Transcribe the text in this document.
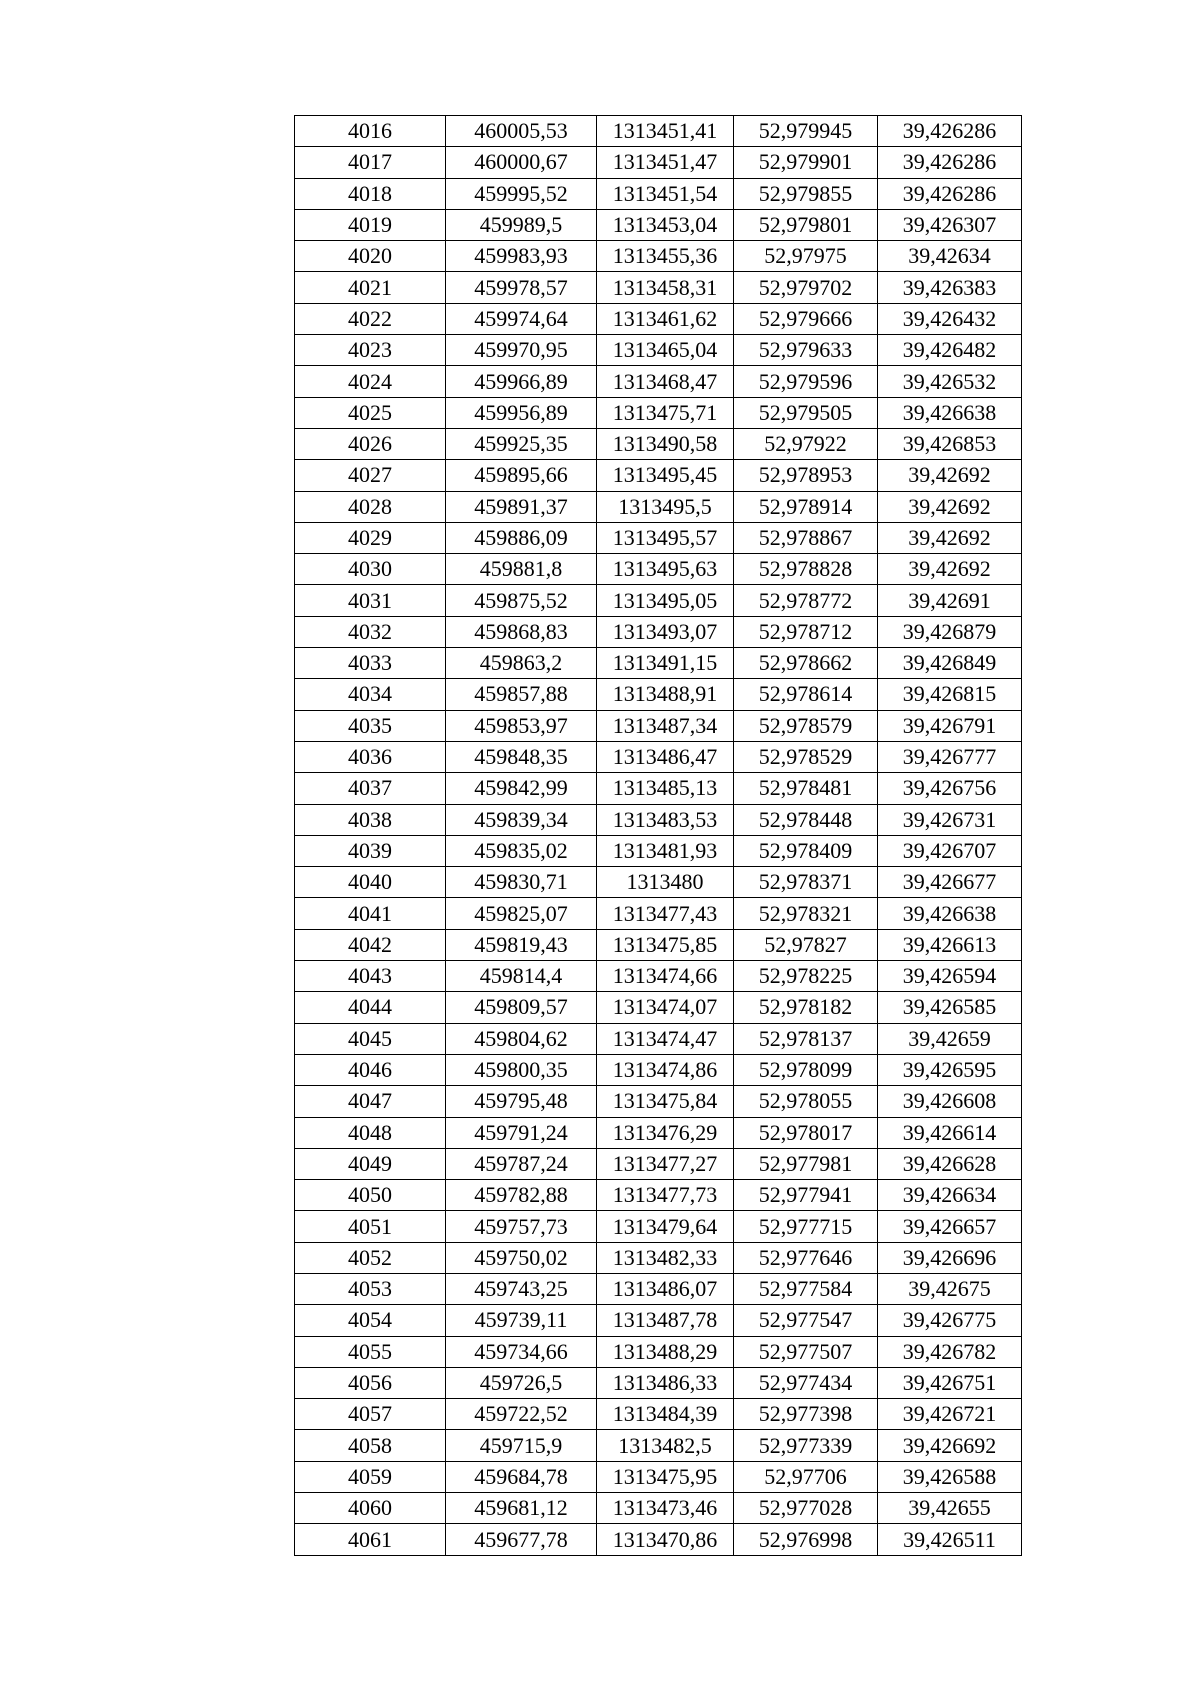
4016	460005,53	1313451,41	52,979945	39,426286
4017	460000,67	1313451,47	52,979901	39,426286
4018	459995,52	1313451,54	52,979855	39,426286
4019	459989,5	1313453,04	52,979801	39,426307
4020	459983,93	1313455,36	52,97975	39,42634
4021	459978,57	1313458,31	52,979702	39,426383
4022	459974,64	1313461,62	52,979666	39,426432
4023	459970,95	1313465,04	52,979633	39,426482
4024	459966,89	1313468,47	52,979596	39,426532
4025	459956,89	1313475,71	52,979505	39,426638
4026	459925,35	1313490,58	52,97922	39,426853
4027	459895,66	1313495,45	52,978953	39,42692
4028	459891,37	1313495,5	52,978914	39,42692
4029	459886,09	1313495,57	52,978867	39,42692
4030	459881,8	1313495,63	52,978828	39,42692
4031	459875,52	1313495,05	52,978772	39,42691
4032	459868,83	1313493,07	52,978712	39,426879
4033	459863,2	1313491,15	52,978662	39,426849
4034	459857,88	1313488,91	52,978614	39,426815
4035	459853,97	1313487,34	52,978579	39,426791
4036	459848,35	1313486,47	52,978529	39,426777
4037	459842,99	1313485,13	52,978481	39,426756
4038	459839,34	1313483,53	52,978448	39,426731
4039	459835,02	1313481,93	52,978409	39,426707
4040	459830,71	1313480	52,978371	39,426677
4041	459825,07	1313477,43	52,978321	39,426638
4042	459819,43	1313475,85	52,97827	39,426613
4043	459814,4	1313474,66	52,978225	39,426594
4044	459809,57	1313474,07	52,978182	39,426585
4045	459804,62	1313474,47	52,978137	39,42659
4046	459800,35	1313474,86	52,978099	39,426595
4047	459795,48	1313475,84	52,978055	39,426608
4048	459791,24	1313476,29	52,978017	39,426614
4049	459787,24	1313477,27	52,977981	39,426628
4050	459782,88	1313477,73	52,977941	39,426634
4051	459757,73	1313479,64	52,977715	39,426657
4052	459750,02	1313482,33	52,977646	39,426696
4053	459743,25	1313486,07	52,977584	39,42675
4054	459739,11	1313487,78	52,977547	39,426775
4055	459734,66	1313488,29	52,977507	39,426782
4056	459726,5	1313486,33	52,977434	39,426751
4057	459722,52	1313484,39	52,977398	39,426721
4058	459715,9	1313482,5	52,977339	39,426692
4059	459684,78	1313475,95	52,97706	39,426588
4060	459681,12	1313473,46	52,977028	39,42655
4061	459677,78	1313470,86	52,976998	39,426511
